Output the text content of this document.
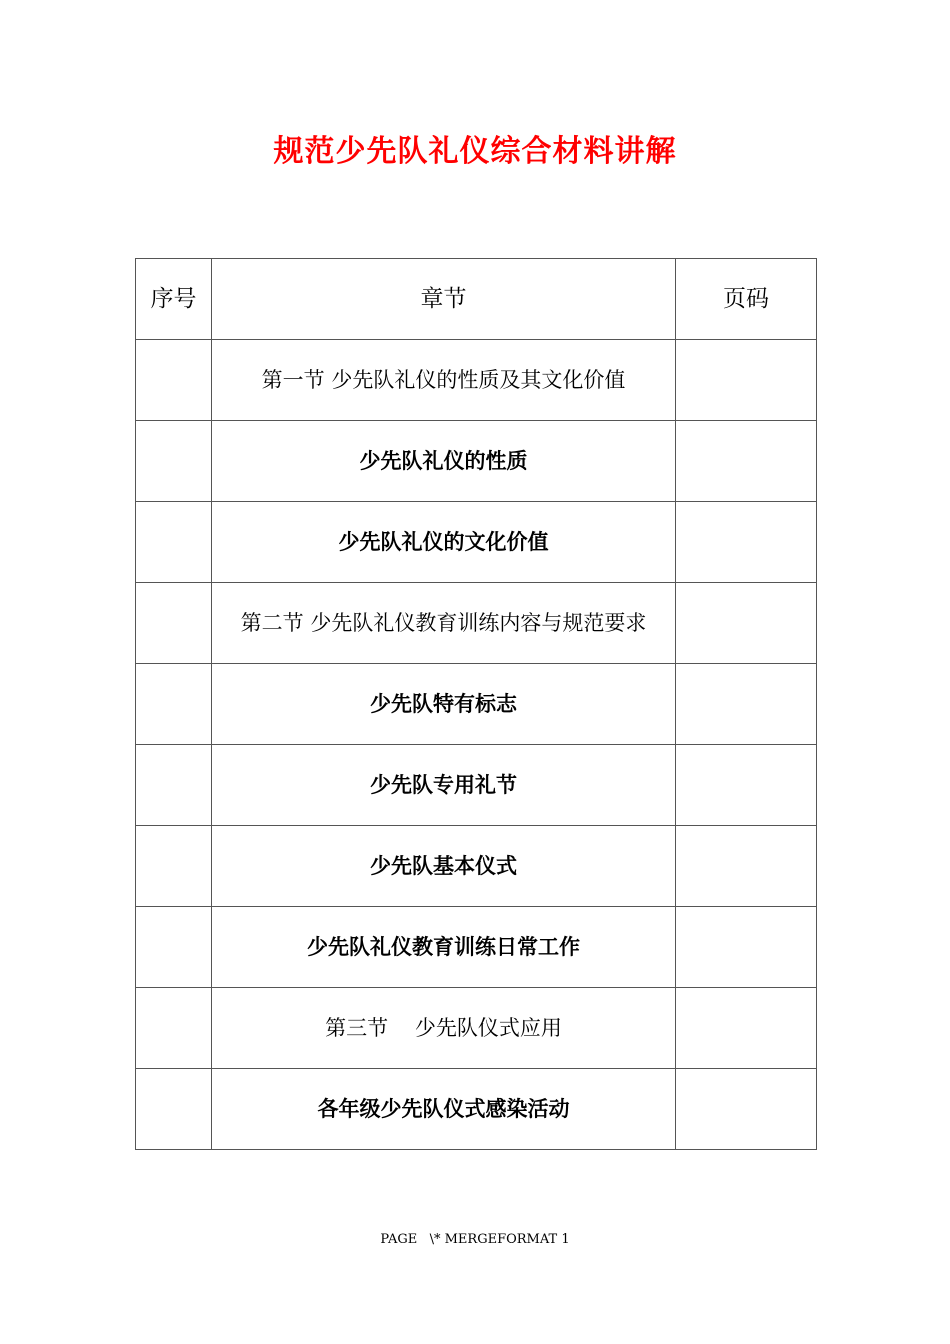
规范少先队礼仪综合材料讲解
序号	章节	页码
	第一节 少先队礼仪的性质及其文化价值	
	少先队礼仪的性质	
	少先队礼仪的文化价值	
	第二节 少先队礼仪教育训练内容与规范要求	
	少先队特有标志	
	少先队专用礼节	
	少先队基本仪式	
	少先队礼仪教育训练日常工作	
	第三节    少先队仪式应用	
	各年级少先队仪式感染活动	
PAGE   \* MERGEFORMAT 1
